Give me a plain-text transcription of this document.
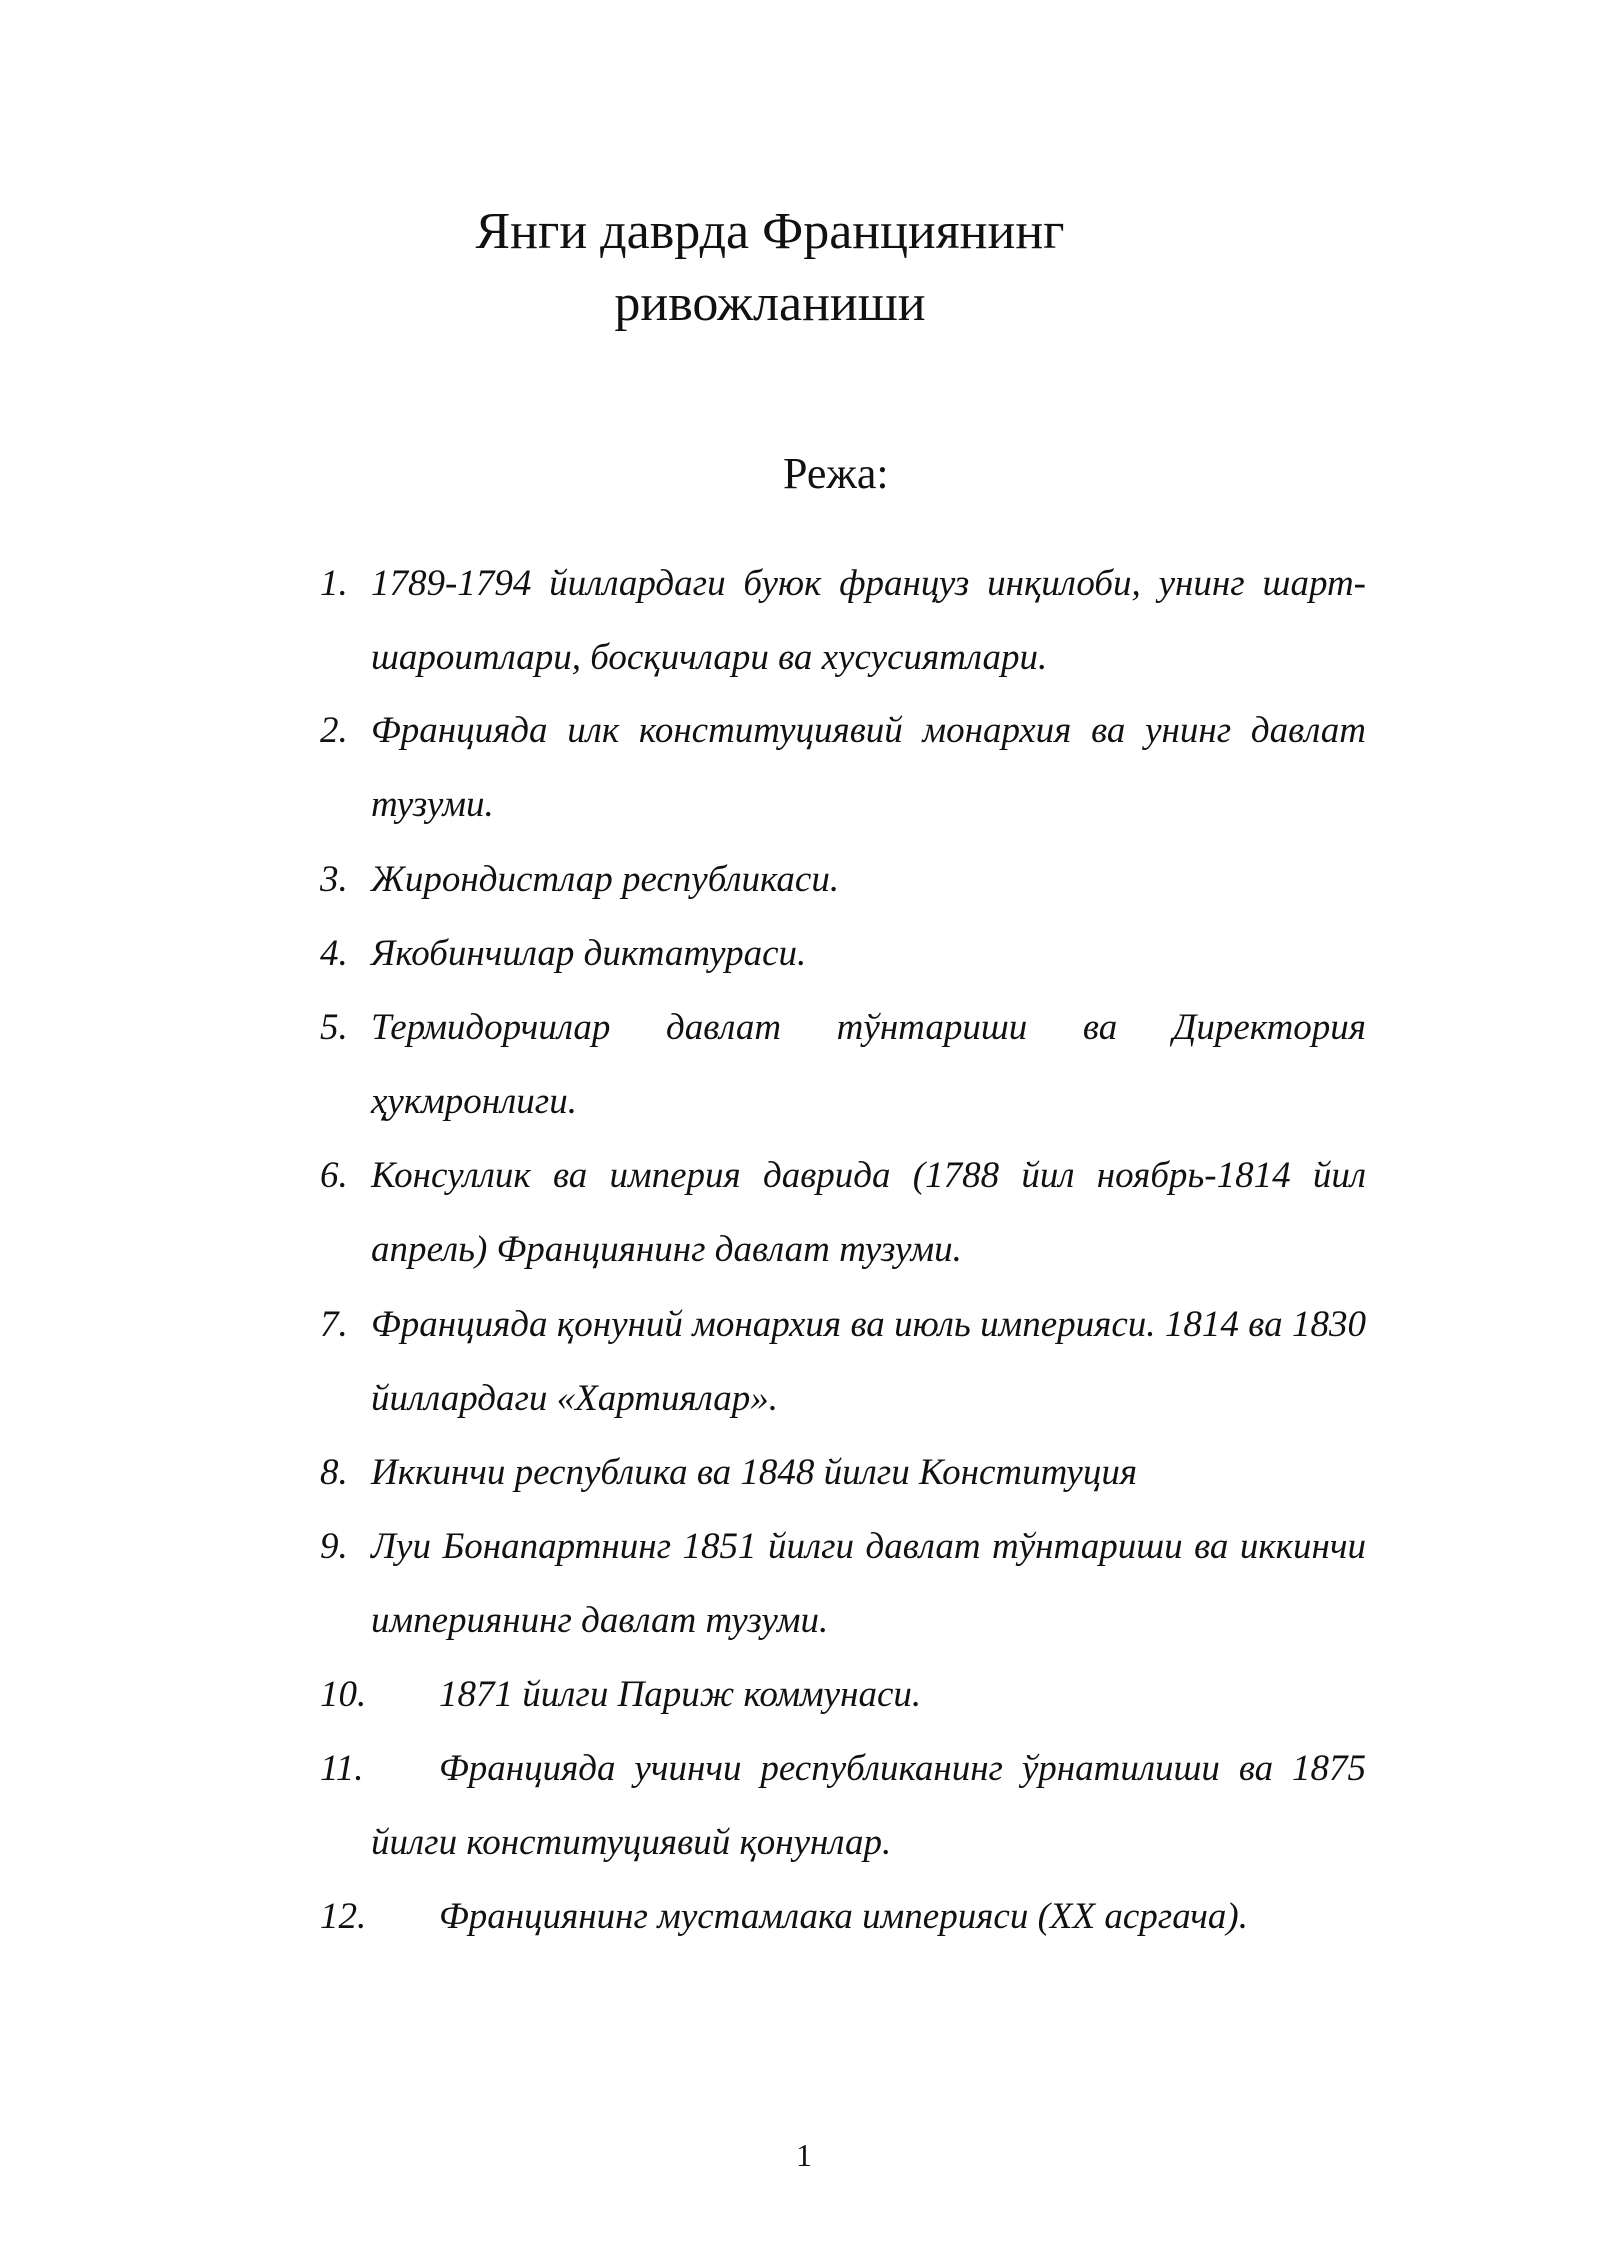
Янги даврда Франциянинг
ривожланиши
Режа:
1. 1789-1794 йиллардаги буюк француз инқилоби, унинг шарт- шароитлари, босқичлари ва хусусиятлари.
2. Францияда илк конституциявий монархия ва унинг давлат тузуми.
3. Жирондистлар республикаси.
4. Якобинчилар диктатураси.
5. Термидорчилар давлат тўнтариши ва Директория ҳукмронлиги.
6. Консуллик ва империя даврида (1788 йил ноябрь-1814 йил апрель) Франциянинг давлат тузуми.
7. Францияда қонуний монархия ва июль империяси. 1814 ва 1830 йиллардаги «Хартиялар».
8. Иккинчи республика ва 1848 йилги Конституция
9. Луи Бонапартнинг 1851 йилги давлат тўнтариши ва иккинчи империянинг давлат тузуми.
10.	1871 йилги Париж коммунаси.
11.	Францияда учинчи республиканинг ўрнатилиши ва 1875 йилги конституциявий қонунлар.
12.	Франциянинг мустамлака империяси (XX асргача).
1
